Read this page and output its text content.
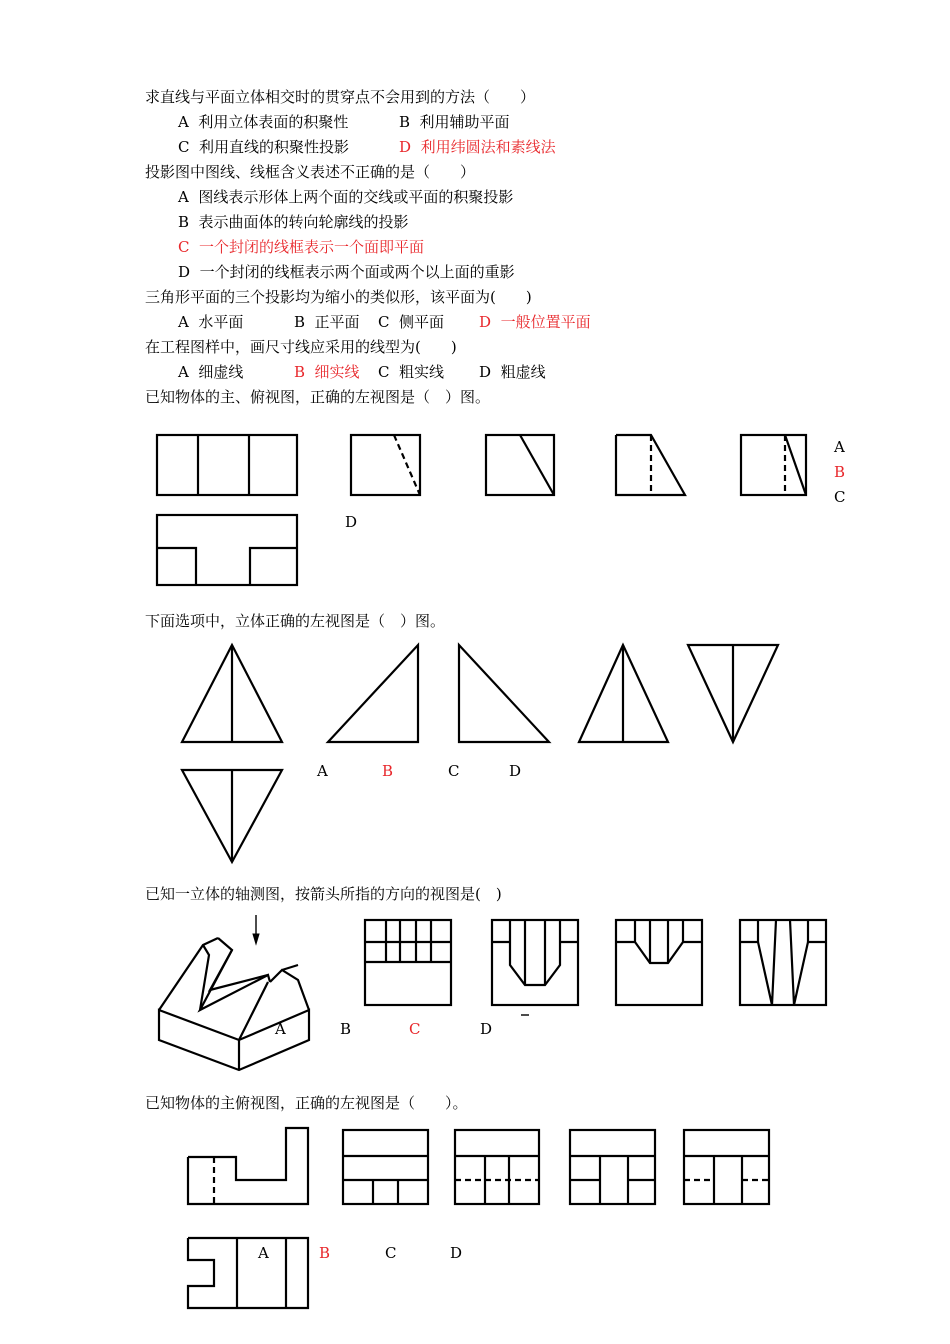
求直线与平面立体相交时的贯穿点不会用到的方法（　　）
A  利用立体表面的积聚性	B  利用辅助平面
C  利用直线的积聚性投影	D  利用纬圆法和素线法
投影图中图线、线框含义表述不正确的是（　　）
A  图线表示形体上两个面的交线或平面的积聚投影
B  表示曲面体的转向轮廓线的投影
C  一个封闭的线框表示一个面即平面
D  一个封闭的线框表示两个面或两个以上面的重影
三角形平面的三个投影均为缩小的类似形，该平面为(　　)
A  水平面	B  正平面 C  侧平面 D  一般位置平面
在工程图样中，画尺寸线应采用的线型为(　　)
A  细虚线	B  细实线 C  粗实线 D  粗虚线
已知物体的主、俯视图，正确的左视图是（　）图。
A
B
C
D
下面选项中，立体正确的左视图是（　）图。
A	B	C	D
已知一立体的轴测图，按箭头所指的方向的视图是(　)
A	B	C	D
已知物体的主俯视图，正确的左视图是（　　）。
A	B	C	D
